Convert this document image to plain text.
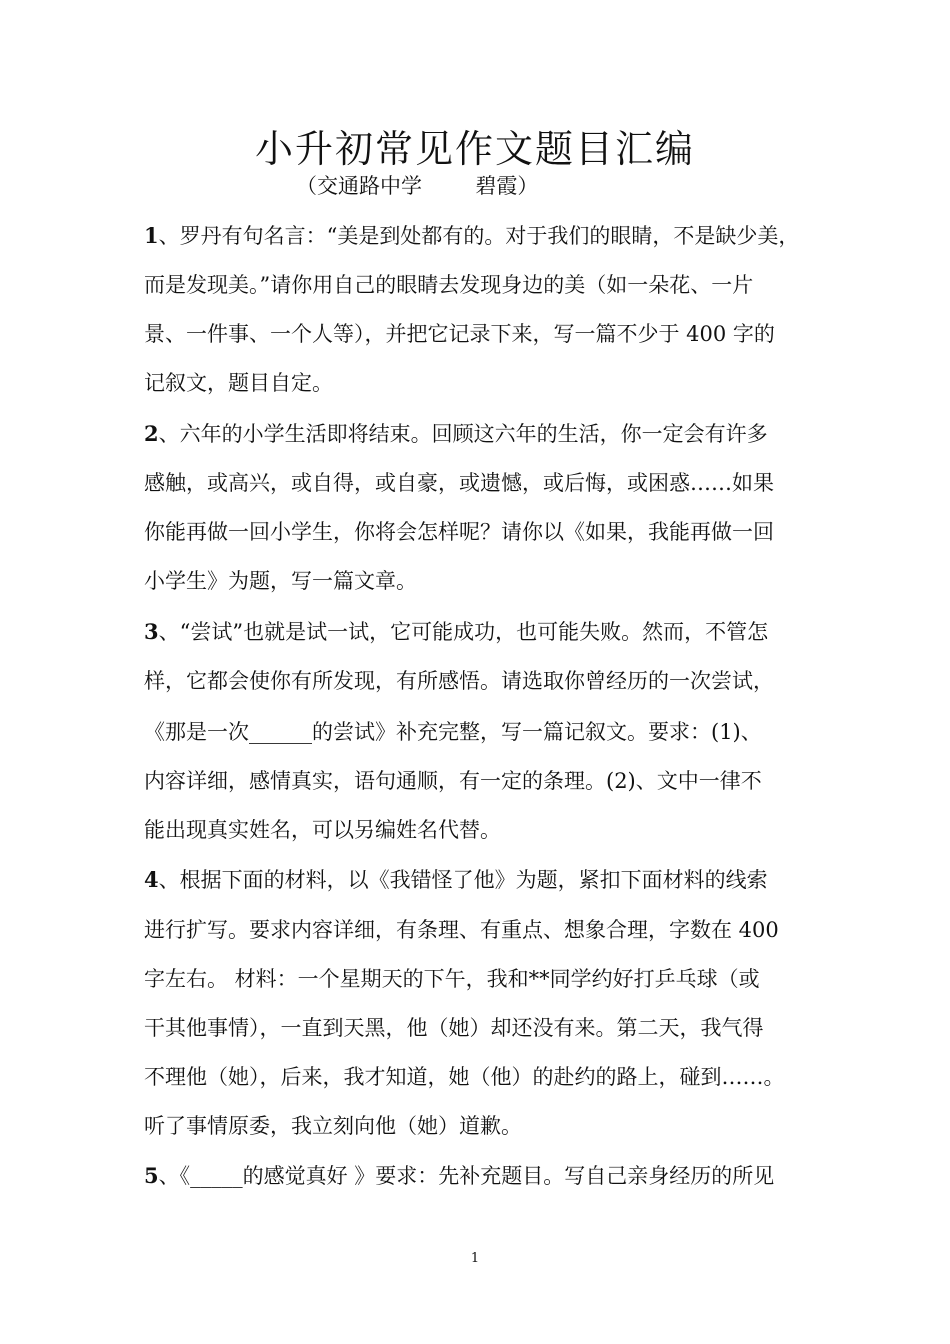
小升初常见作文题目汇编
（交通路中学        碧霞）
1、罗丹有句名言：“美是到处都有的。对于我们的眼睛，不是缺少美，
而是发现美。”请你用自己的眼睛去发现身边的美（如一朵花、一片
景、一件事、一个人等），并把它记录下来，写一篇不少于 400 字的
记叙文，题目自定。
2、六年的小学生活即将结束。回顾这六年的生活，你一定会有许多
感触，或高兴，或自得，或自豪，或遗憾，或后悔，或困惑……如果
你能再做一回小学生，你将会怎样呢？请你以《如果，我能再做一回
小学生》为题，写一篇文章。
3、“尝试”也就是试一试，它可能成功，也可能失败。然而，不管怎
样，它都会使你有所发现，有所感悟。请选取你曾经历的一次尝试，
《那是一次______的尝试》补充完整，写一篇记叙文。要求：(1)、
内容详细，感情真实，语句通顺，有一定的条理。(2)、文中一律不
能出现真实姓名，可以另编姓名代替。
4、根据下面的材料，以《我错怪了他》为题，紧扣下面材料的线索
进行扩写。要求内容详细，有条理、有重点、想象合理，字数在 400
字左右。 材料：一个星期天的下午，我和**同学约好打乒乓球（或
干其他事情），一直到天黑，他（她）却还没有来。第二天，我气得
不理他（她），后来，我才知道，她（他）的赴约的路上，碰到……。
听了事情原委，我立刻向他（她）道歉。
5、《_____的感觉真好 》要求：先补充题目。写自己亲身经历的所见
1
